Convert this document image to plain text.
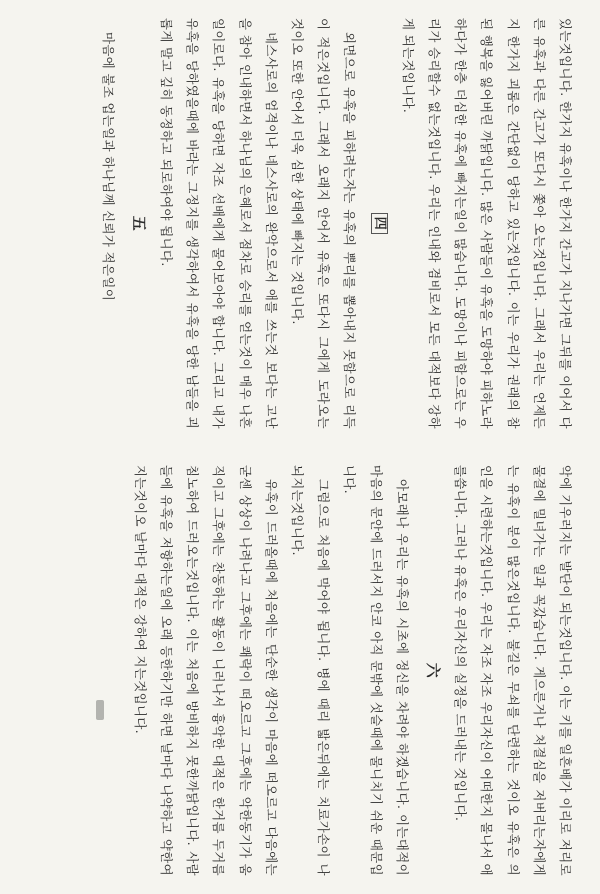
있는것입니다. 한가지 유혹이나 한가지 간고가 지나가면 그뒤를 이어서 다른 유혹과 다른 간고가 또다시 쫓아 오는것입니다. 그래서 우리는 언제든지 한가지 괴롬은 간단없이 당하고 있는것입니다. 이는 우리가 권래의 참된 행복을 잃어버린 까닭입니다. 많은 사람들이 유혹을 도망하야 피하노라 하다가 한층 더심한 유혹에 빠지는일이 많습니다. 도망이나 피함으로는 우리가 승리할수 없는것입니다. 우리는 인내와 겸비로서 모든 대적보다 강하게 되는것입니다.

四

외면으로 유혹을 피하려는자는 유혹의 뿌리를 뽑아내지 못함으로 리득이 적은것입니다. 그래서 오래지 안어서 유혹은 또다시 그에게 도라오는 것이오 또한 안어서 더욱 심한 상태에 빠지는 것입니다.

네스사로의 엄격이나 네스사로의 완악으로서 애를 쓰는것 보다는 고난을 참아 인내하면서 하나님의 은혜로서 점차로 승리를 얻는것이 매우 나흔일이로다. 유혹을 당하면 자조 선배에게 물어보아야 합니다. 그리고 내가 유혹을 당하였을때에 바라는 그정지를 생각하여서 유혹을 당한 남들을 괴롭게 말고 깊히 동정하고 되로하여야 됩니다.

五

마음에 불조 업는일과 하나님께 신뢰가 적은일이

악에 기우러지는 발단이 되는것입니다. 이는 키를 일흔배가 이리로 저리로 물결에 밀녀가는 일과 꼭갔습니다. 게으른거나 처결심을 저버리는자에게는 유혹이 분이 많은것입니다. 불길은 무쇠를 단련하는 것이오 유혹은 의인을 시련하는것입니다. 우리는 자조 자조 우리자신이 어떠한지 몰나서 애를씁니다. 그러나 유혹은 우리자신의 실정을 드러내는 것입니다.

六

아모래나 우리는 유혹의 시초에 정신을 차려야 하겠습니다. 이는대적이 마음의 문안에 드러서지 안코 아직 문밖에 섯슬때에 물니치기 쉬운 때문입니다.

그럼으로 처음에 막어야 됩니다. 병에 때리 밟은뒤에는 치료가손이 나뇌지는것입니다.

유혹이 드러올때에 처음에는 단순한 생각이 마음에 떠오르고 다음에는 굳센 상상이 나려나고 그후에는 쾌락이 떠오르고 그후에는 악한동기가 움직이고 그후에는 찬동하는 활동이 니러나서 흉악한 대적은 한거름 두거름 침노하여 드러오는것입니다. 이는 처음에 방비하지 못한까닭입니다. 사람들에 유혹을 저항하는일에 오래 등한하기만 하면 날마다 나약하고 약한여지는것이오 날마다 대적은 강하여 지는것입니다.
